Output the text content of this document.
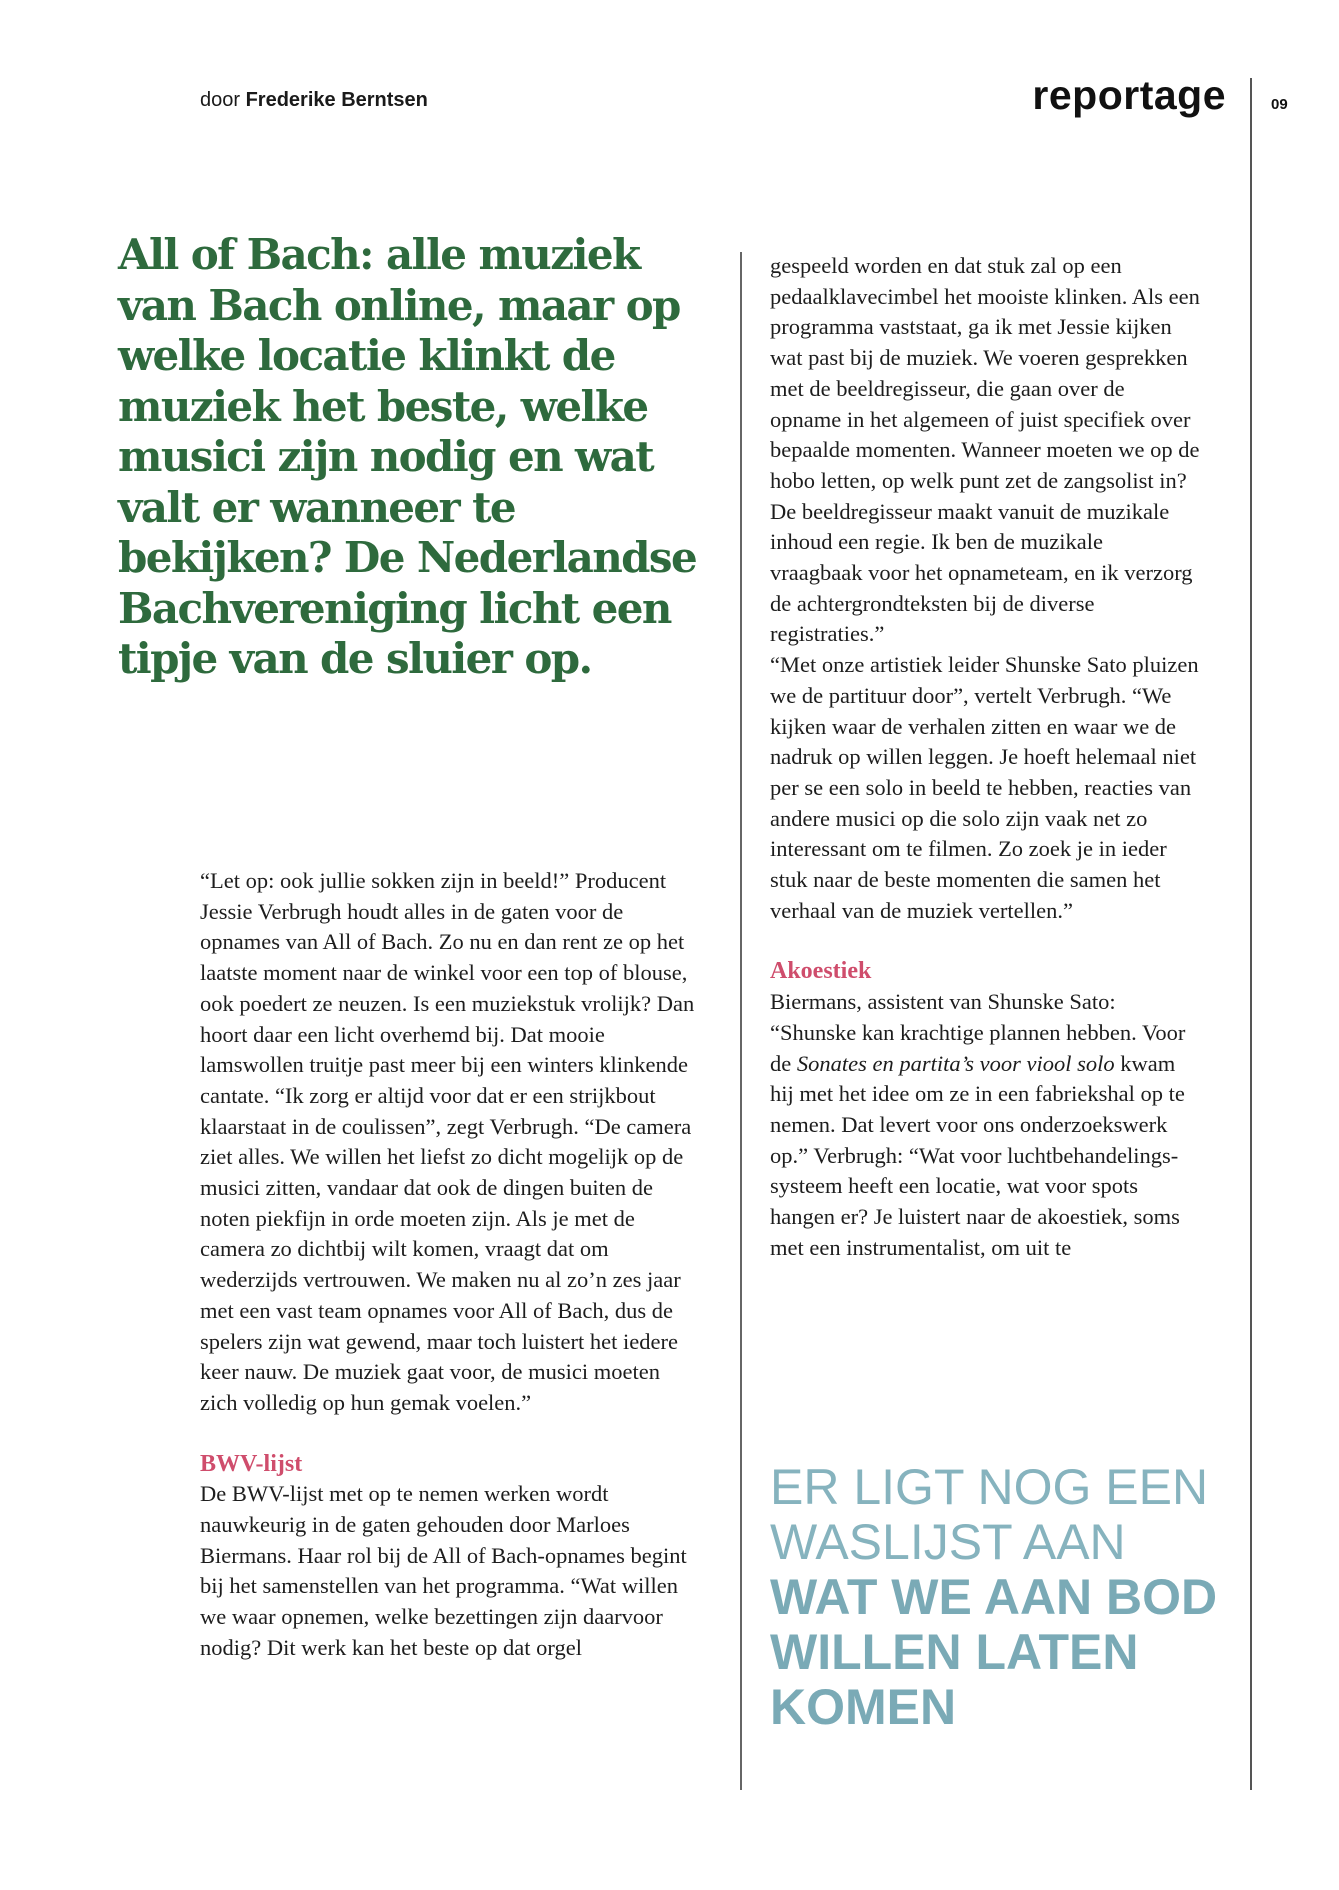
door Frederike Berntsen	reportage	09
All of Bach: alle muziek van Bach online, maar op welke locatie klinkt de muziek het beste, welke musici zijn nodig en wat valt er wanneer te bekijken? De Nederlandse Bachvereniging licht een tipje van de sluier op.

“Let op: ook jullie sokken zijn in beeld!” Producent Jessie Verbrugh houdt alles in de gaten voor de opnames van All of Bach. Zo nu en dan rent ze op het laatste moment naar de winkel voor een top of blouse, ook poedert ze neuzen. Is een muziekstuk vrolijk? Dan hoort daar een licht overhemd bij. Dat mooie lamswollen truitje past meer bij een winters klinkende cantate. “Ik zorg er altijd voor dat er een strijkbout klaarstaat in de coulissen”, zegt Verbrugh. “De camera ziet alles. We willen het liefst zo dicht mogelijk op de musici zitten, vandaar dat ook de dingen buiten de noten piekfijn in orde moeten zijn. Als je met de camera zo dichtbij wilt komen, vraagt dat om wederzijds vertrouwen. We maken nu al zo’n zes jaar met een vast team opnames voor All of Bach, dus de spelers zijn wat gewend, maar toch luistert het iedere keer nauw. De muziek gaat voor, de musici moeten zich volledig op hun gemak voelen.”

BWV-lijst

De BWV-lijst met op te nemen werken wordt nauwkeurig in de gaten gehouden door Marloes Biermans. Haar rol bij de All of Bach-opnames begint bij het samenstellen van het programma. “Wat willen we waar opnemen, welke bezettingen zijn daarvoor nodig? Dit werk kan het beste op dat orgel

gespeeld worden en dat stuk zal op een pedaalklavecimbel het mooiste klinken. Als een programma vaststaat, ga ik met Jessie kijken wat past bij de muziek. We voeren gesprekken met de beeldregisseur, die gaan over de opname in het algemeen of juist specifiek over bepaalde momenten. Wanneer moeten we op de hobo letten, op welk punt zet de zangsolist in? De beeldregisseur maakt vanuit de muzikale inhoud een regie. Ik ben de muzikale vraagbaak voor het opnameteam, en ik verzorg de achtergrondteksten bij de diverse registraties.”

“Met onze artistiek leider Shunske Sato pluizen we de partituur door”, vertelt Verbrugh. “We kijken waar de verhalen zitten en waar we de nadruk op willen leggen. Je hoeft helemaal niet per se een solo in beeld te hebben, reacties van andere musici op die solo zijn vaak net zo interessant om te filmen. Zo zoek je in ieder stuk naar de beste momenten die samen het verhaal van de muziek vertellen.”

Akoestiek

Biermans, assistent van Shunske Sato: “Shunske kan krachtige plannen hebben. Voor de Sonates en partita’s voor viool solo kwam hij met het idee om ze in een fabriekshal op te nemen. Dat levert voor ons onderzoekswerk op.” Verbrugh: “Wat voor luchtbehandelings-systeem heeft een locatie, wat voor spots hangen er? Je luistert naar de akoestiek, soms met een instrumentalist, om uit te

ER LIGT NOG EEN WASLIJST AAN WAT WE AAN BOD WILLEN LATEN KOMEN
